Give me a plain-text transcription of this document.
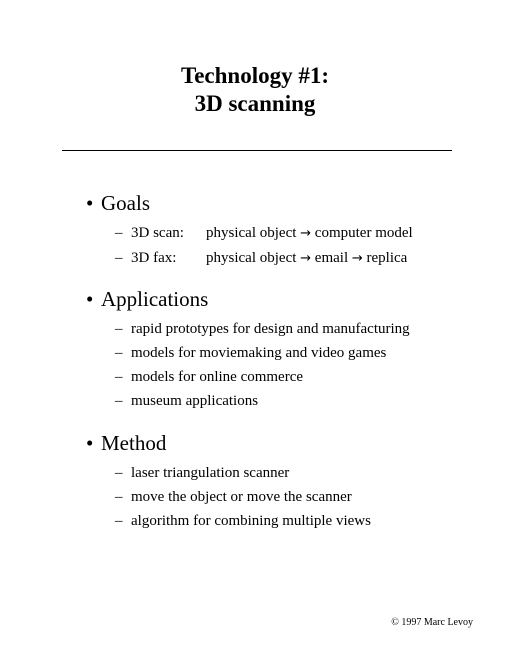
Technology #1:
3D scanning
• Goals
– 3D scan: physical object → computer model
– 3D fax: physical object → email → replica
• Applications
– rapid prototypes for design and manufacturing
– models for moviemaking and video games
– models for online commerce
– museum applications
• Method
– laser triangulation scanner
– move the object or move the scanner
– algorithm for combining multiple views
© 1997 Marc Levoy
